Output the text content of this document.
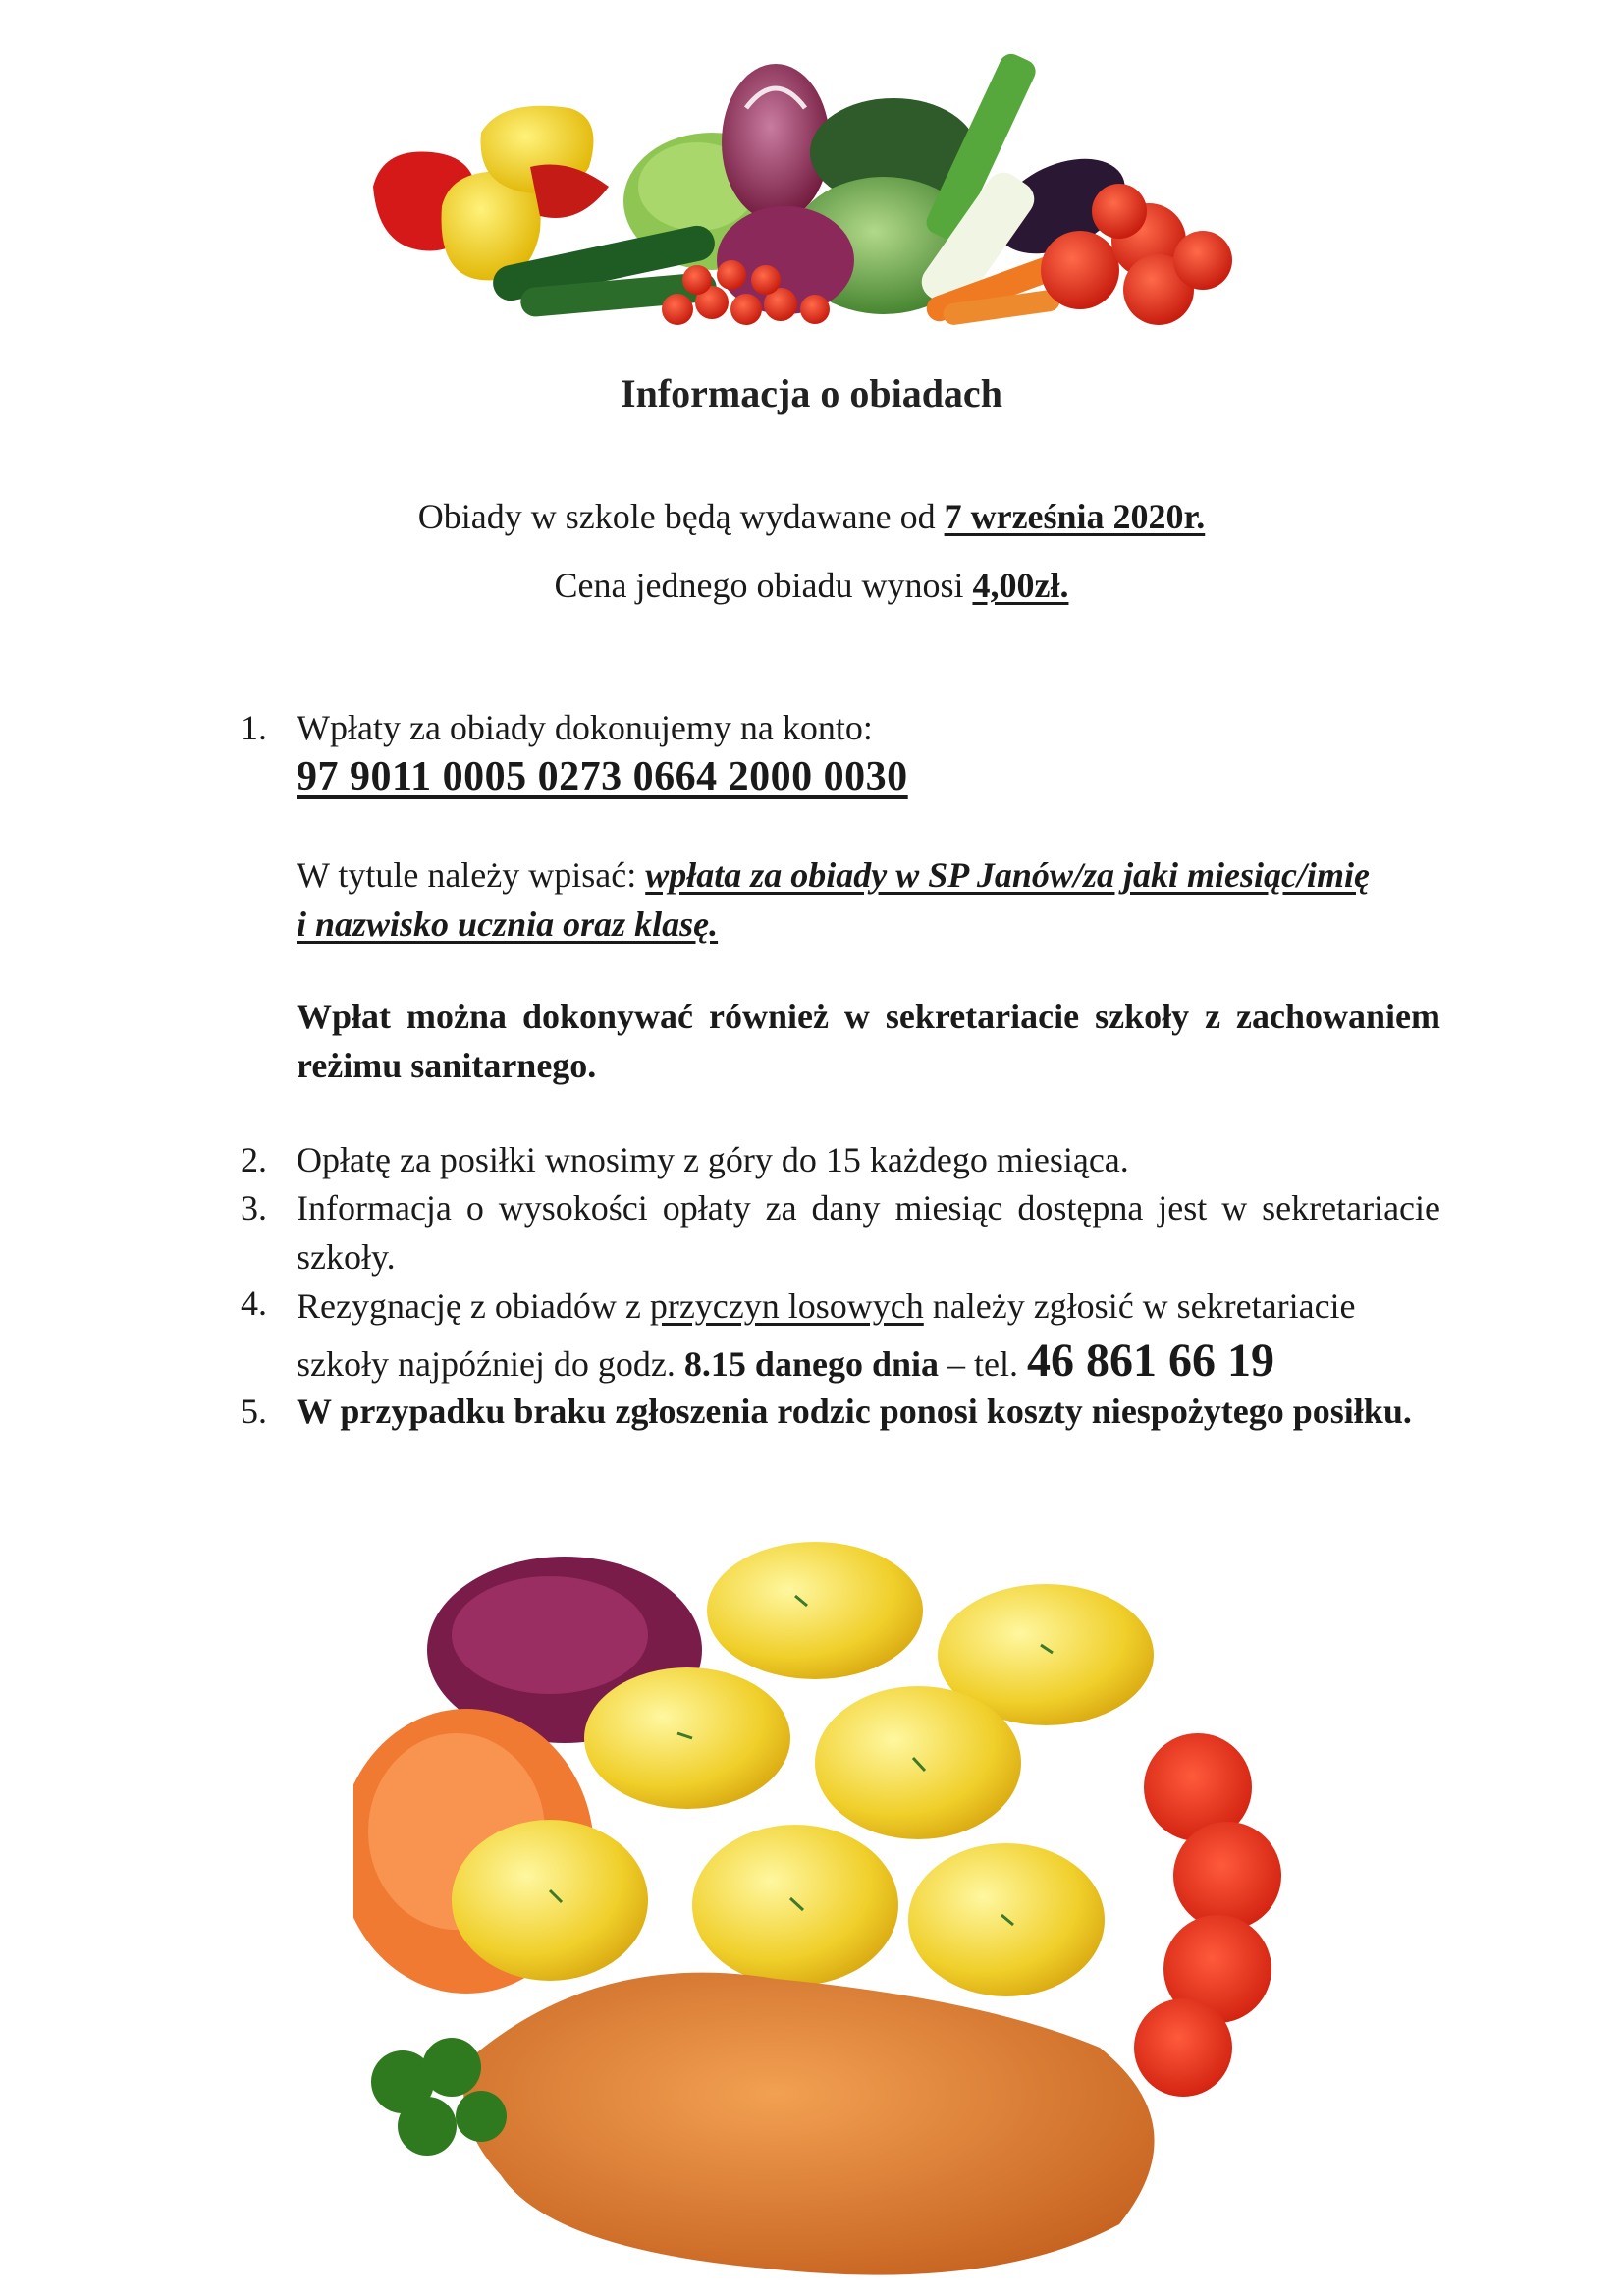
Informacja o obiadach
Obiady w szkole będą wydawane od 7 września 2020r.
Cena jednego obiadu wynosi 4,00zł.
1. Wpłaty za obiady dokonujemy na konto:
97 9011 0005 0273 0664 2000 0030
W tytule należy wpisać: wpłata za obiady w SP Janów/za jaki miesiąc/imię
i nazwisko ucznia oraz klasę.
Wpłat można dokonywać również w sekretariacie szkoły z zachowaniem reżimu sanitarnego.
2. Opłatę za posiłki wnosimy z góry do 15 każdego miesiąca.
3. Informacja o wysokości opłaty za dany miesiąc dostępna jest w sekretariacie szkoły.
4. Rezygnację z obiadów z przyczyn losowych należy zgłosić w sekretariacie szkoły najpóźniej do godz. 8.15 danego dnia – tel. 46 861 66 19
5. W przypadku braku zgłoszenia rodzic ponosi koszty niespożytego posiłku.
